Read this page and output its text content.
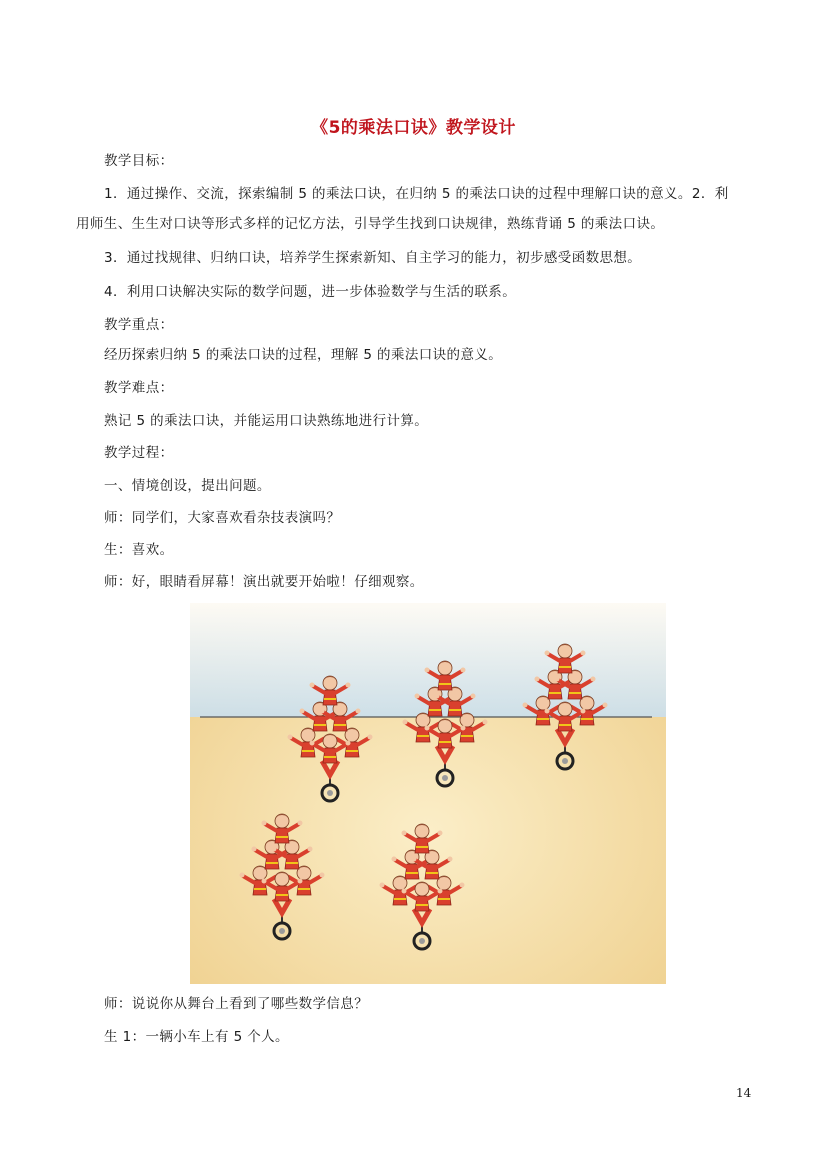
《5的乘法口诀》教学设计
教学目标：
1．通过操作、交流，探索编制 5 的乘法口诀，在归纳 5 的乘法口诀的过程中理解口诀的意义。2．利
用师生、生生对口诀等形式多样的记忆方法，引导学生找到口诀规律，熟练背诵 5 的乘法口诀。
3．通过找规律、归纳口诀，培养学生探索新知、自主学习的能力，初步感受函数思想。
4．利用口诀解决实际的数学问题，进一步体验数学与生活的联系。
教学重点：
经历探索归纳 5 的乘法口诀的过程，理解 5 的乘法口诀的意义。
教学难点：
熟记 5 的乘法口诀，并能运用口诀熟练地进行计算。
教学过程：
一、情境创设，提出问题。
师：同学们，大家喜欢看杂技表演吗？
生：喜欢。
师：好，眼睛看屏幕！演出就要开始啦！仔细观察。
师：说说你从舞台上看到了哪些数学信息？
生 1：一辆小车上有 5 个人。
14
